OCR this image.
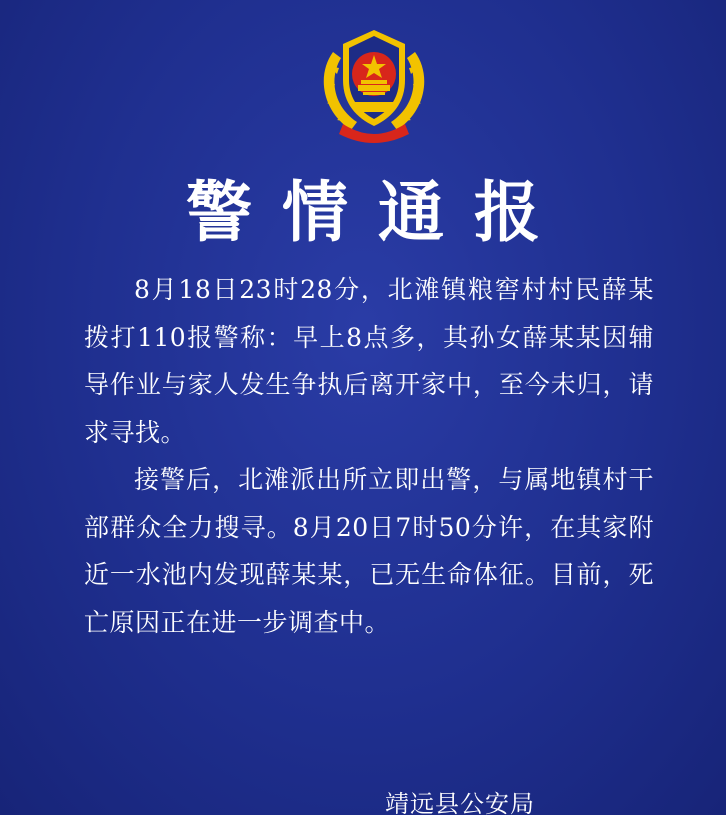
警情通报

8月18日23时28分，北滩镇粮窖村村民薛某拨打110报警称：早上8点多，其孙女薛某某因辅导作业与家人发生争执后离开家中，至今未归，请求寻找。

接警后，北滩派出所立即出警，与属地镇村干部群众全力搜寻。8月20日7时50分许，在其家附近一水池内发现薛某某，已无生命体征。目前，死亡原因正在进一步调查中。

靖远县公安局
